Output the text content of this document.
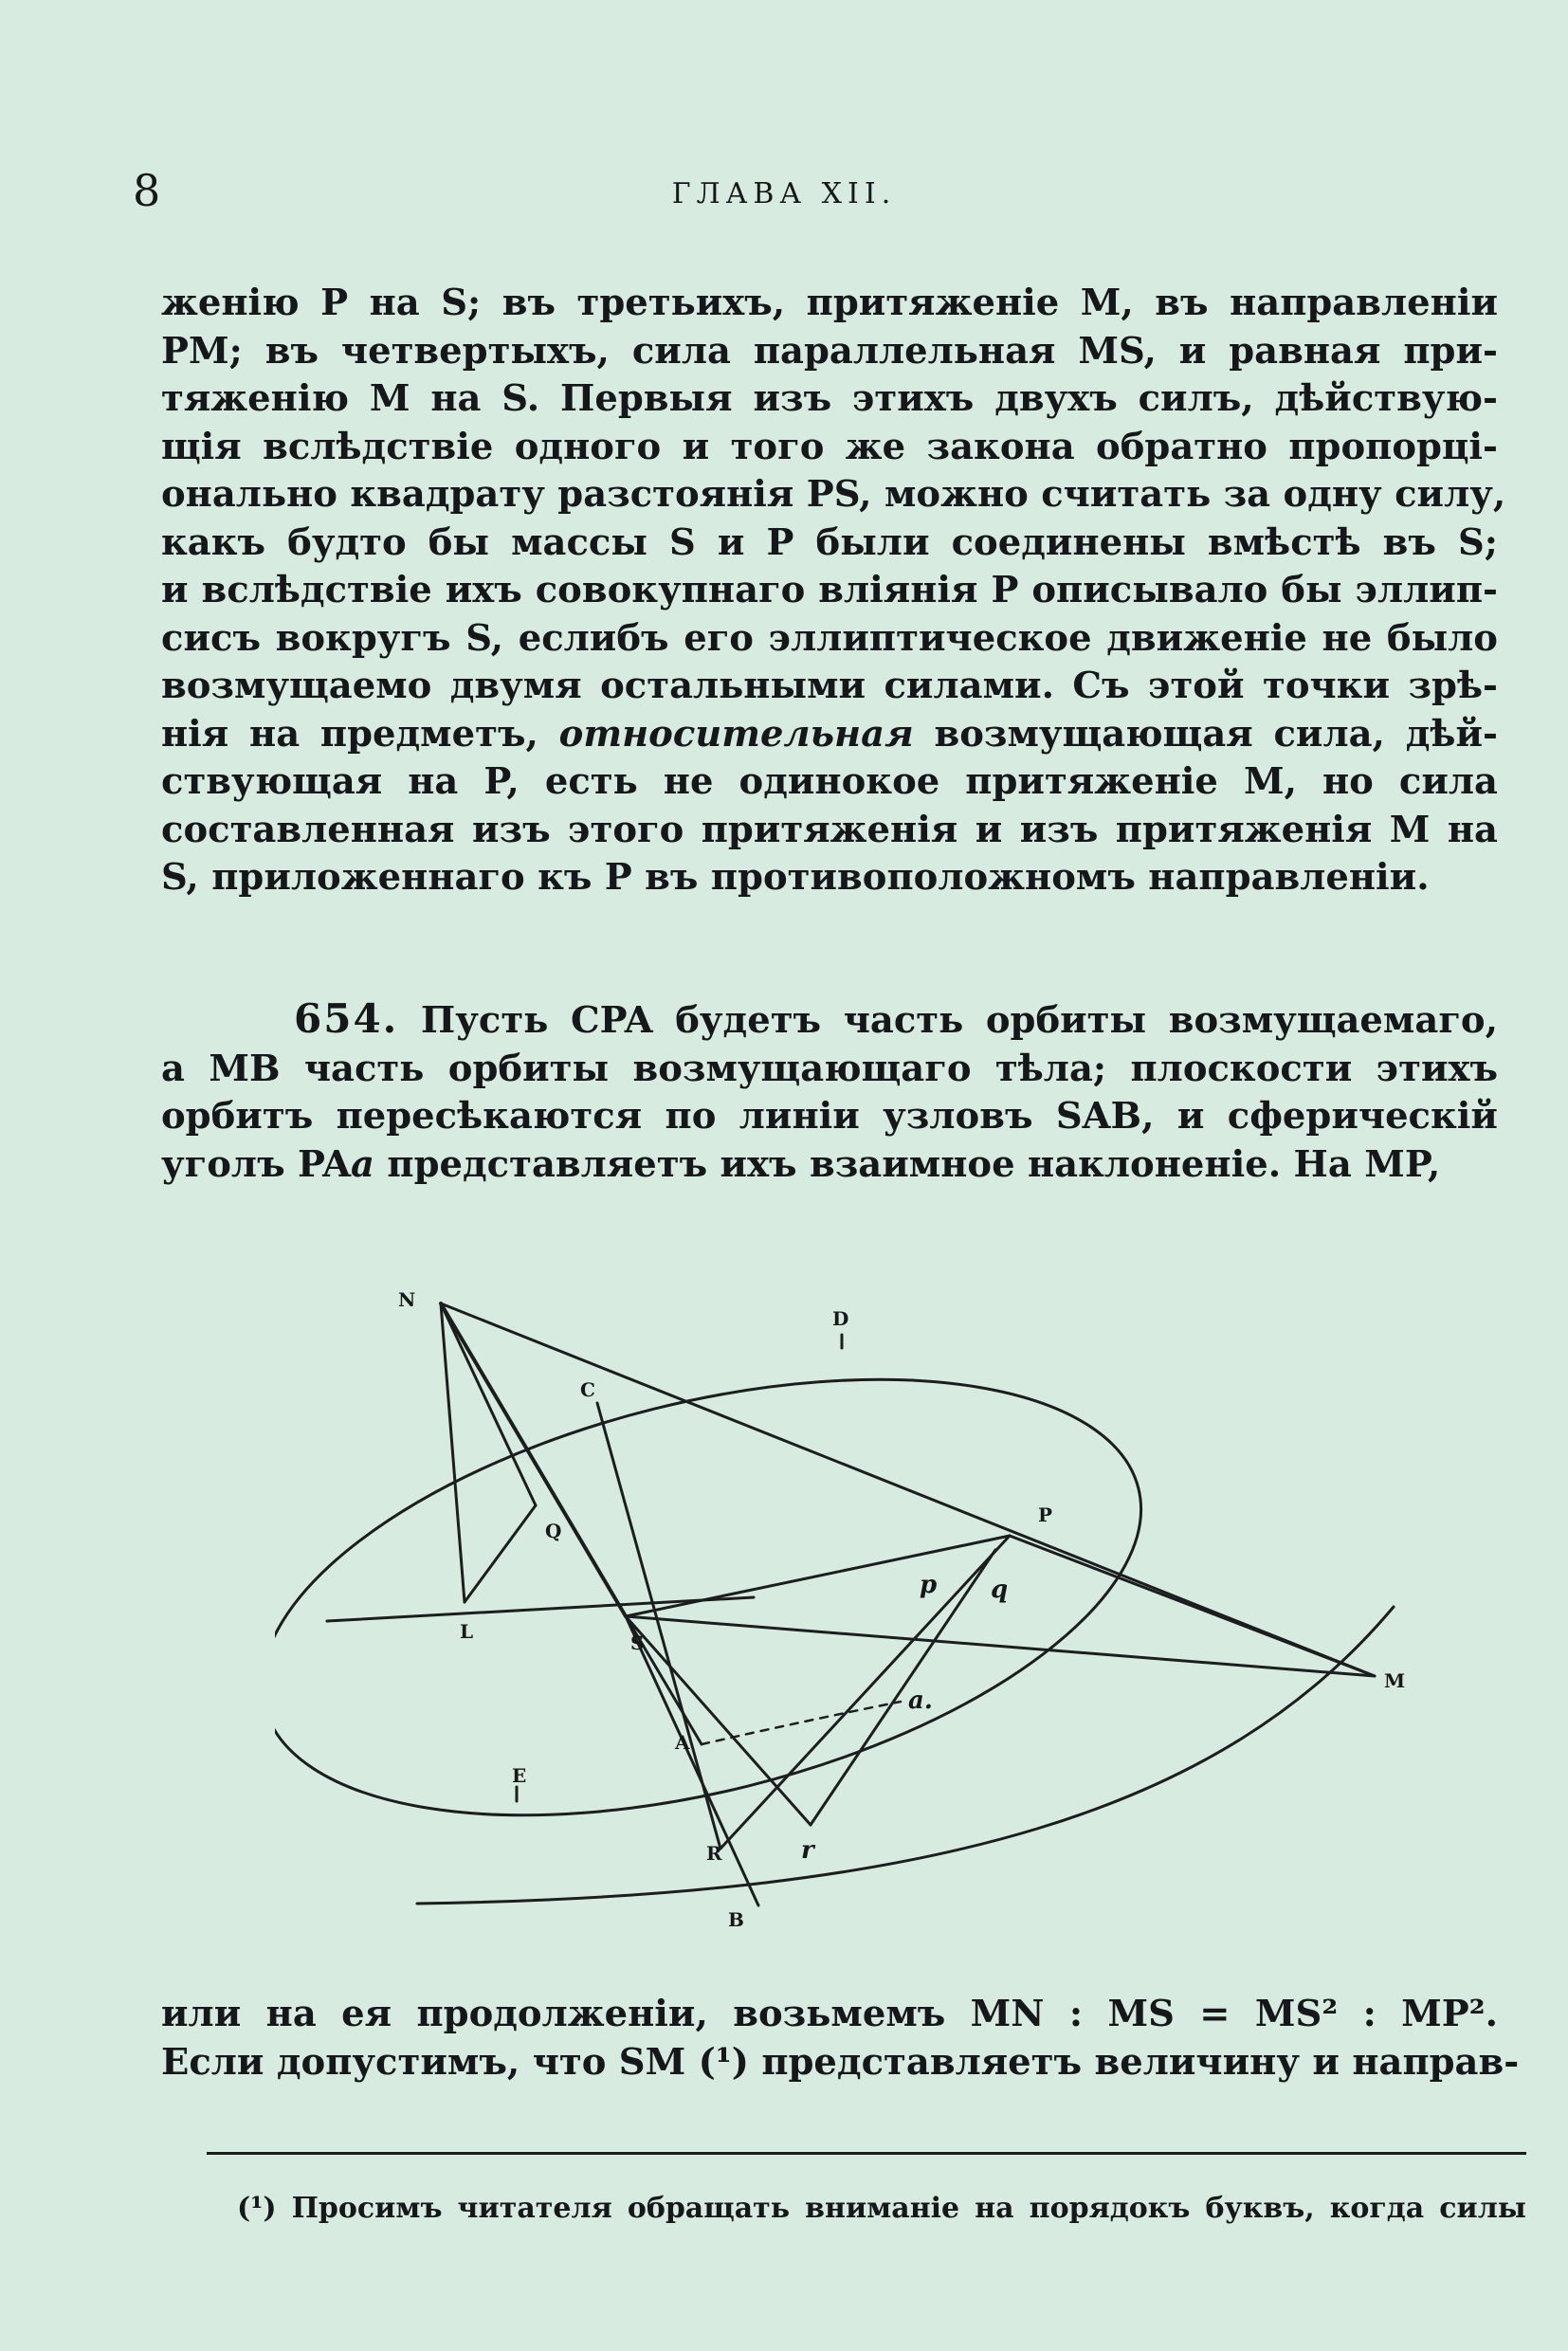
8	ГЛАВА XII.
женію P на S; въ третьихъ, притяженіе M, въ направленіи
PM; въ четвертыхъ, сила параллельная MS, и равная при-
тяженію M на S. Первыя изъ этихъ двухъ силъ, дѣйствую-
щія вслѣдствіе одного и того же закона обратно пропорці-
онально квадрату разстоянія PS, можно считать за одну силу,
какъ будто бы массы S и P были соединены вмѣстѣ въ S;
и вслѣдствіе ихъ совокупнаго вліянія P описывало бы эллип-
сисъ вокругъ S, еслибъ его эллиптическое движеніе не было
возмущаемо двумя остальными силами. Съ этой точки зрѣ-
нія на предметъ, относительная возмущающая сила, дѣй-
ствующая на P, есть не одинокое притяженіе M, но сила
составленная изъ этого притяженія и изъ притяженія M на
S, приложеннаго къ P въ противоположномъ направленіи.
654. Пусть CPA будетъ часть орбиты возмущаемаго,
а MB часть орбиты возмущающаго тѣла; плоскости этихъ
орбитъ пересѣкаются по линіи узловъ SAB, и сферическій
уголъ PAa представляетъ ихъ взаимное наклоненіе. На MP,
N
D
C
P
Q
S
L
M
E
A
R
B
p q
a.
r
или на ея продолженіи, возьмемъ MN : MS = MS² : MP².
Если допустимъ, что SM (¹) представляетъ величину и направ-
(¹) Просимъ читателя обращать вниманіе на порядокъ буквъ, когда силы
